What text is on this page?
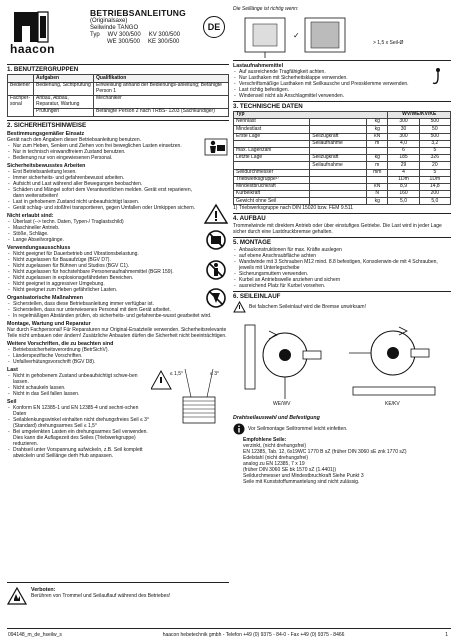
haacon
BETRIEBSANLEITUNG
(Originalsaxe)
Seilwinde TANGO
Typ WV 300/500 KV 300/500
WE 300/500 KE 300/500
DE
1. BENUTZERGRUPPEN
	Aufgaben	Qualifikation
Bediener	Bedienung, Sichtprüfung	Einweisung anhand der Bedienungs-anleitung; Befähigte Person 1
Fachper-sonal	Anbau, Abbau, Reparatur, Wartung	Mechaniker
	Prüfungen	Befähigte Person 2 nach TRBS- 1203 (Sachkundiger)
2. SICHERHEITSHINWEISE
Bestimmungsgemäßer Einsatz
Gerät nach den Angaben dieser Betriebsanleitung benutzen.
- Nur zum Heben, Senken und Ziehen von frei beweglichen Lasten einsetzen.
- Nur in technisch einwandfreiem Zustand benutzen.
- Bedienung nur von eingewiesenen Personal.
Sicherheitsbewusstes Arbeiten
- Erst Betriebsanleitung lesen.
- Immer sicherheits- und gefahrenbewusst arbeiten.
- Aufsicht und Last während aller Bewegungen beobachten.
- Schäden und Mängel sofort dem Verantwortlichen melden. Gerät erst reparieren, dann weiterarbeiten!
- Last in gehobenem Zustand nicht unbeaufsichtigt lassen.
- Gerät schlag- und stoßfrei transportieren, gegen Umfallen oder Umkippen sichern.
Nicht erlaubt sind:
- Überlast (--> techn. Daten, Typen-/ Traglastschild)
- Maschineller Antrieb.
- Stöße, Schläge.
- Lange Abseilvorgänge.
Verwendungsausschluss
- Nicht geeignet für Dauerbetrieb und Vibrationsbelastung.
- Nicht zugelassen für Bauaufzüge (BGV D7).
- Nicht zugelassen für Bühnen und Studios (BGV C1).
- Nicht zugelassen für hochstehbare Personenaufnahmemittel (BGR 159).
- Nicht zugelassen in explosionsgefährdeten Bereichen.
- Nicht geeignet in aggressiver Umgebung.
- Nicht geeignet zum Heben gefährlicher Lasten.
Organisatorische Maßnahmen
- Sicherstellen, dass diese Betriebsanleitung immer verfügbar ist.
- Sicherstellen, dass nur unterwiesenes Personal mit dem Gerät arbeitet.
- In regelmäßigen Abständen prüfen, ob sicherheits- und gefahrenbe-wusst gearbeitet wird.
Montage, Wartung und Reparatur
Nur durch Fachpersonal! Für Reparaturen nur Original-Ersatzteile verwenden. Sicherheitsrelevante Teile nicht umbauen oder ändern! Zusätzliche Anbauten dürfen die Sicherheit nicht beeinträchtigen.
Weitere Vorschriften, die zu beachten sind
- Betriebssicherheitsverordnung (BetrSichV).
- Länderspezifische Vorschriften.
- Unfallverhütungsvorschrift (BGV D8).
Last
- Nicht in gehobenem Zustand unbeaufsichtigt schwe-ben lassen.
- Nicht schaukeln lassen.
- Nicht in das Seil fallen lassen.
Seil
- Konform EN 12385-1 und EN 12385-4 und sechni-schen Daten
- Seilablenkungswinkel einhalten nicht drehungsfreies Seil ≤ 3° (Standard) drehungsarmes Seil ≤ 1,5°
- Bei umgelenkten Lasten ein drehungsarmes Seil verwenden. Dies kann die Auflagezeit des Seiles (Triebwerkgruppe) reduzieren.
- Drahtseil unter Vorspannung aufwickeln, z.B. Seil komplett abwickeln und Seillänge derh Hub anpassen.
≤ 1,5°	≤ 3°
Verboten:
Berühren von Trommel und Seilauflauf während des Betriebes!
Die Seillänge ist richtig wenn:
✓
> 1,5 x Seil-Ø
Lastaufnahmemittel
- Auf ausreichende Tragfähigkeit achten.
- Nur Lasthaken mit Sicherheitsklappe verwenden.
- Verschriftsmäßige Lasthaken mit Seilkausche und Pressklemme verwenden.
- Last richtig befestigen.
- Windenseil nicht als Anschlagmittel verwenden.
3. TECHNISCHE DATEN
Typ			WV/WE/KV/KE	
Nennlast		kg	300	500
Mindestlast		kg	30	50
Erste Lage	Seilzugkraft	kN	300	500
	Seilaufnahme	m	4,0	3,2
max. Lagenzahl			6	5
Letzte Lage	Seilzugkraft	kg	185	326
	Seilaufnahme	m	29	20
Seildurchmesser		mm	4	5
Triebwerksgruppe¹⁾			1Dm	1Dm
Mindestbruchkraft		kN	8,9	14,8
Kurbelkraft		N	160	200
Gewicht ohne Seil		kg	5,0	5,0
1) Triebwerksgruppe nach DIN 15020 bzw. FEM 9.511
4. AUFBAU
Trommelwinde mit direktem Antrieb oder über einstufiges Getriebe. Die Last wird in jeder Lage sicher durch eine Lastdruckbremse gehalten.
5. MONTAGE
- Anbaukonstruktionen für max. Kräfte auslegen
- auf ebene Anschraubfläche achten
- Wandwinde mit 3 Schrauben M12 mind. 8.8 befestigen, Konsolenwin-de mit 4 Schrauben, jeweils mit Unterlegscheibe
- Sicherungsmuttern verwenden.
- Kurbel an Antriebswelle anziehen und sichern
- ausreichend Platz für Kurbel vorsehen.
6. SEILEINLAUF
Bei falschem Seileinlauf wird die Bremse unwirksam!
WE/WV	KE/KV
Drahtseilauswahl und Befestigung
Vor Seilmontage Seiltrommel leicht einfetten.
Empfohlene Seile:
verzinkt, (nicht drehungsfrei)
EN 12385, Tab. 12, 6x19WC 1770 B sZ (früher DIN 3060 sE znk 1770 sZ)
Edelstahl (nicht drehungsfrei)
analog zu EN 12385, 7 x 19
(früher DIN 3060 SE bk 1570 sZ (1.4401))
Seildurchmesser und Mindestbruchkraft Siehe Punkt 3
Seile mit Kunststoffummantelung sind nicht zulässig.
094148_m_de_hseilw_s	haacon hebetechnik gmbh - Telefon +49 (0) 9375 - 84-0 - Fax +49 (0) 9375 - 8466	1
